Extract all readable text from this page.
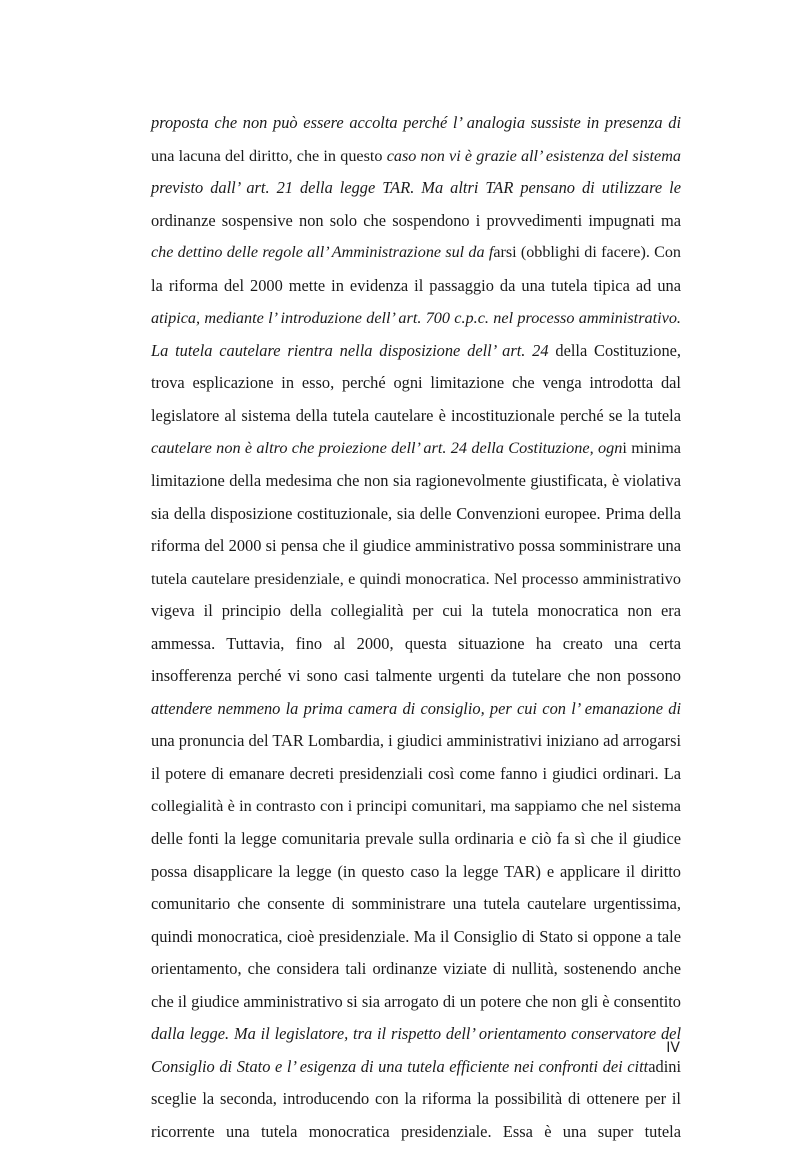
proposta che non può essere accolta perché l’ analogia sussiste in presenza di
una lacuna del diritto, che in questo caso non vi è grazie all’ esistenza del sistema
previsto dall’ art. 21 della legge TAR. Ma altri TAR pensano di utilizzare le
ordinanze sospensive non solo che sospendono i provvedimenti impugnati ma
che dettino delle regole all’ Amministrazione sul da farsi (obblighi di facere). Con
la riforma del 2000 mette in evidenza il passaggio da una tutela tipica ad una
atipica, mediante l’ introduzione dell’ art. 700 c.p.c. nel processo amministrativo.
La tutela cautelare rientra nella disposizione dell’ art. 24 della Costituzione,
trova esplicazione in esso, perché ogni limitazione che venga introdotta dal
legislatore al sistema della tutela cautelare è incostituzionale perché se la tutela
cautelare non è altro che proiezione dell’ art. 24 della Costituzione, ogni minima
limitazione della medesima che non sia ragionevolmente giustificata, è violativa
sia della disposizione costituzionale, sia delle Convenzioni europee. Prima della
riforma del 2000 si pensa che il giudice amministrativo possa somministrare una
tutela cautelare presidenziale, e quindi monocratica. Nel processo amministrativo
vigeva il principio della collegialità per cui la tutela monocratica non era
ammessa. Tuttavia, fino al 2000, questa situazione ha creato una certa
insofferenza perché vi sono casi talmente urgenti da tutelare che non possono
attendere nemmeno la prima camera di consiglio, per cui con l’ emanazione di
una pronuncia del TAR Lombardia, i giudici amministrativi iniziano ad arrogarsi
il potere di emanare decreti presidenziali così come fanno i giudici ordinari. La
collegialità è in contrasto con i principi comunitari, ma sappiamo che nel sistema
delle fonti la legge comunitaria prevale sulla ordinaria e ciò fa sì che il giudice
possa disapplicare la legge (in questo caso la legge TAR) e applicare il diritto
comunitario che consente di somministrare una tutela cautelare urgentissima,
quindi monocratica, cioè presidenziale. Ma il Consiglio di Stato si oppone a tale
orientamento, che considera tali ordinanze viziate di nullità, sostenendo anche
che il giudice amministrativo si sia arrogato di un potere che non gli è consentito
dalla legge. Ma il legislatore, tra il rispetto dell’ orientamento conservatore del
Consiglio di Stato e l’ esigenza di una tutela efficiente nei confronti dei cittadini
sceglie la seconda, introducendo con la riforma la possibilità di ottenere per il
ricorrente una tutela monocratica presidenziale. Essa è una super tutela
IV
